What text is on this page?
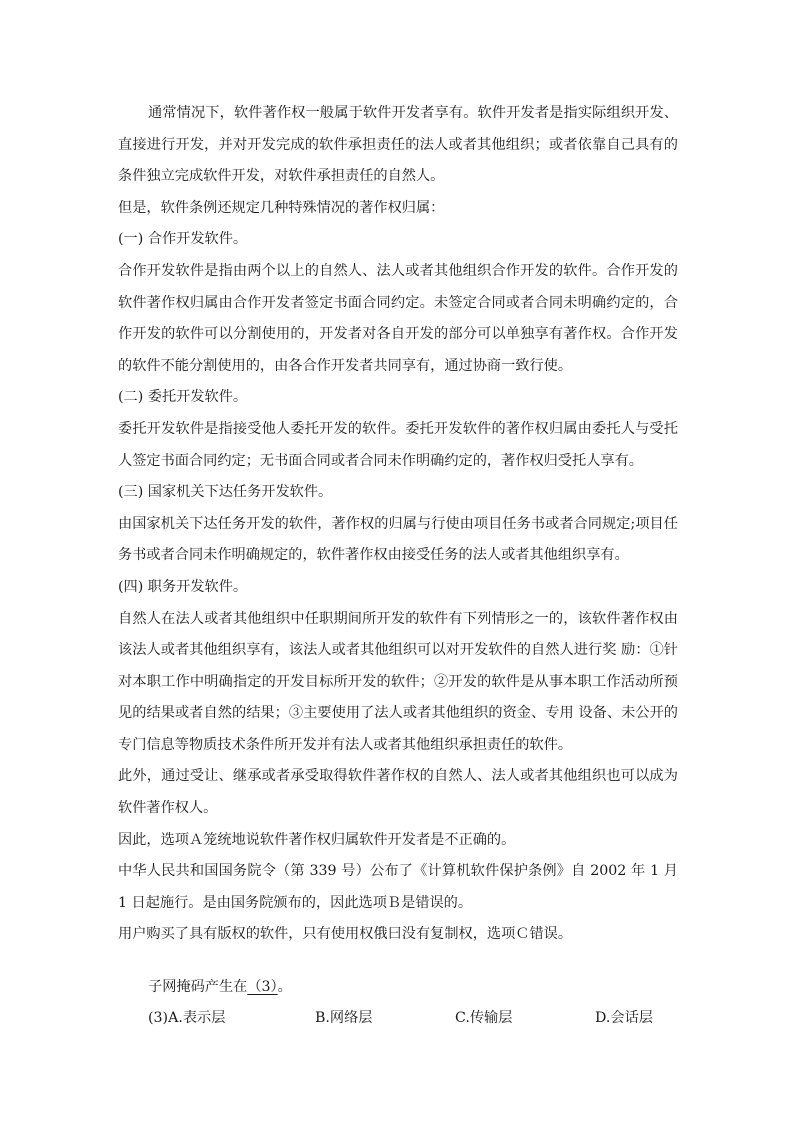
通常情况下，软件著作权一般属于软件开发者享有。软件开发者是指实际组织开发、直接进行开发，并对开发完成的软件承担责任的法人或者其他组织；或者依靠自己具有的条件独立完成软件开发，对软件承担责任的自然人。

但是，软件条例还规定几种特殊情况的著作权归属：

(一) 合作开发软件。

合作开发软件是指由两个以上的自然人、法人或者其他组织合作开发的软件。合作开发的软件著作权归属由合作开发者签定书面合同约定。未签定合同或者合同未明确约定的，合作开发的软件可以分割使用的，开发者对各自开发的部分可以单独享有著作权。合作开发的软件不能分割使用的，由各合作开发者共同享有，通过协商一致行使。

(二) 委托开发软件。

委托开发软件是指接受他人委托开发的软件。委托开发软件的著作权归属由委托人与受托人签定书面合同约定；无书面合同或者合同未作明确约定的，著作权归受托人享有。

(三) 国家机关下达任务开发软件。

由国家机关下达任务开发的软件，著作权的归属与行使由项目任务书或者合同规定;项目任务书或者合同未作明确规定的，软件著作权由接受任务的法人或者其他组织享有。

(四) 职务开发软件。

自然人在法人或者其他组织中任职期间所开发的软件有下列情形之一的，该软件著作权由该法人或者其他组织享有，该法人或者其他组织可以对开发软件的自然人进行奖 励：①针对本职工作中明确指定的开发目标所开发的软件；②开发的软件是从事本职工作活动所预见的结果或者自然的结果；③主要使用了法人或者其他组织的资金、专用 设备、未公开的专门信息等物质技术条件所开发并有法人或者其他组织承担责任的软件。

此外，通过受让、继承或者承受取得软件著作权的自然人、法人或者其他组织也可以成为软件著作权人。

因此，选项Ａ笼统地说软件著作权归属软件开发者是不正确的。

中华人民共和国国务院令（第 339 号）公布了《计算机软件保护条例》自 2002 年 1 月 1 日起施行。是由国务院颁布的，因此选项Ｂ是错误的。

用户购买了具有版权的软件，只有使用权俄曰没有复制权，选项Ｃ错误。

子网掩码产生在（3）。

(3)A.表示层	B.网络层	C.传输层	D.会话层
